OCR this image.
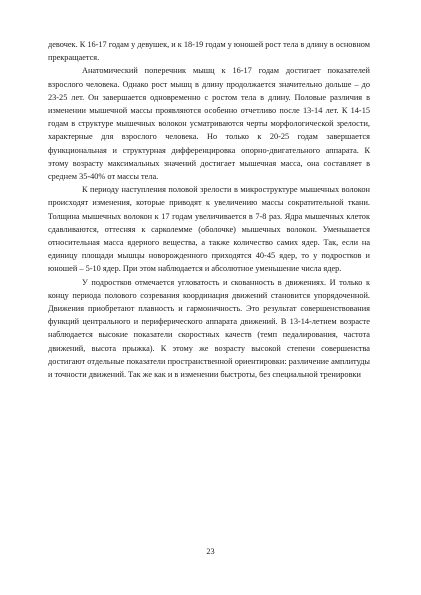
девочек. К 16-17 годам у девушек, и к 18-19 годам у юношей рост тела в длину в основном прекращается.

Анатомический поперечник мышц к 16-17 годам достигает показателей взрослого человека. Однако рост мышц в длину продолжается значительно дольше – до 23-25 лет. Он завершается одновременно с ростом тела в длину. Половые различия в изменении мышечной массы проявляются особенно отчетливо после 13-14 лет. К 14-15 годам в структуре мышечных волокон усматриваются черты морфологической зрелости, характерные для взрослого человека. Но только к 20-25 годам завершается функциональная и структурная дифференцировка опорно-двигательного аппарата. К этому возрасту максимальных значений достигает мышечная масса, она составляет в среднем 35-40% от массы тела.

К периоду наступления половой зрелости в микроструктуре мышечных волокон происходят изменения, которые приводят к увеличению массы сократительной ткани. Толщина мышечных волокон к 17 годам увеличивается в 7-8 раз. Ядра мышечных клеток сдавливаются, оттесняя к сарколемме (оболочке) мышечных волокон. Уменьшается относительная масса ядерного вещества, а также количество самих ядер. Так, если на единицу площади мышцы новорожденного приходятся 40-45 ядер, то у подростков и юношей – 5-10 ядер. При этом наблюдается и абсолютное уменьшение числа ядер.

У подростков отмечается угловатость и скованность в движениях. И только к концу периода полового созревания координация движений становится упорядоченной. Движения приобретают плавность и гармоничность. Это результат совершенствования функций центрального и периферического аппарата движений. В 13-14-летнем возрасте наблюдается высокие показатели скоростных качеств (темп педалирования, частота движений, высота прыжка). К этому же возрасту высокой степени совершенства достигают отдельные показатели пространственной ориентировки: различение амплитуды и точности движений. Так же как и в изменении быстроты, без специальной тренировки

23
